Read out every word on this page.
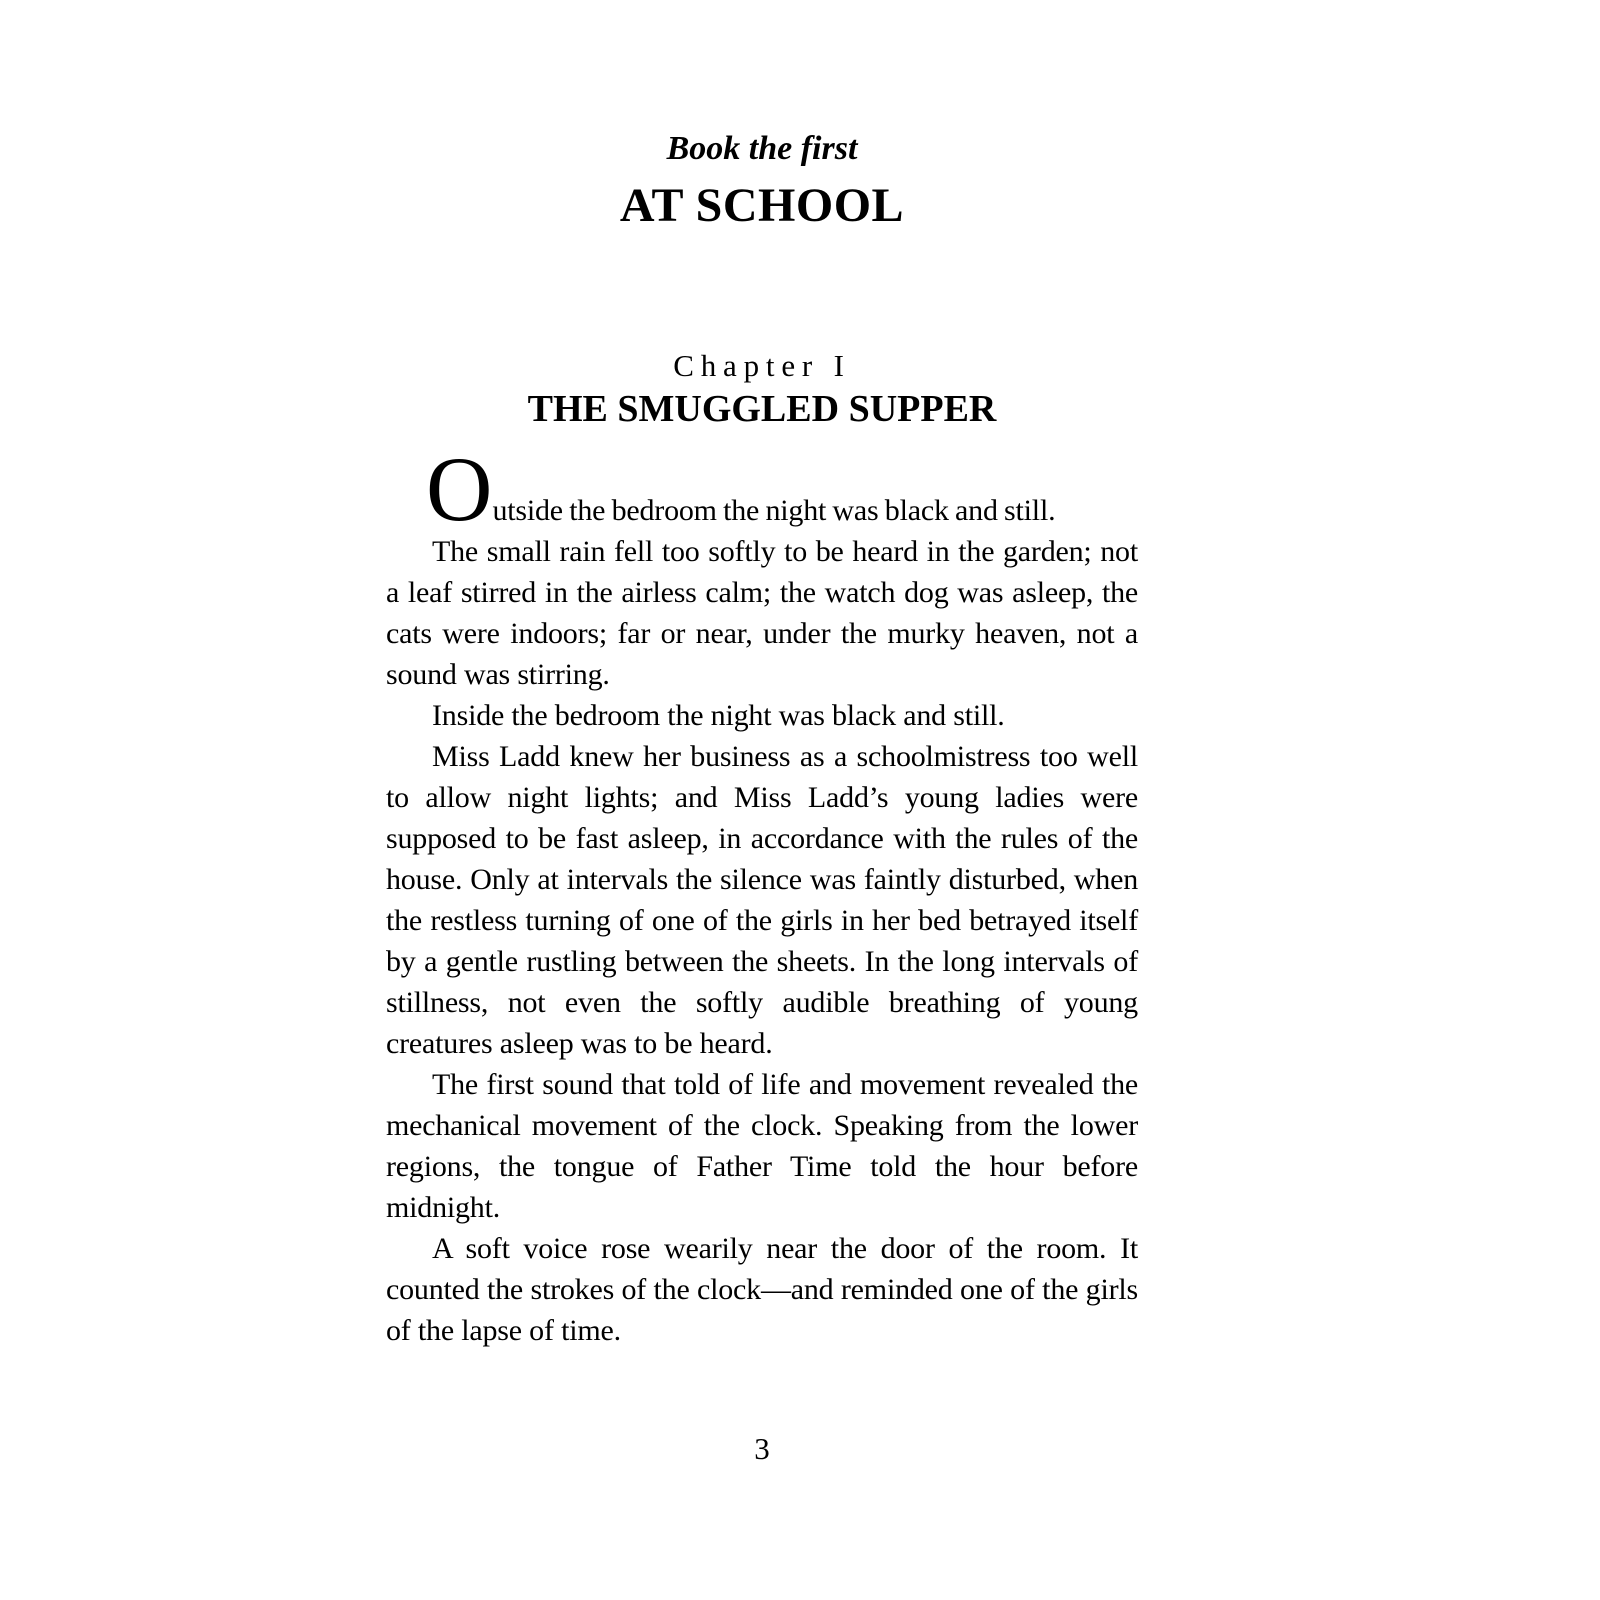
Book the first
AT SCHOOL
Chapter I
THE SMUGGLED SUPPER

Outside the bedroom the night was black and still.

The small rain fell too softly to be heard in the garden; not a leaf stirred in the airless calm; the watch dog was asleep, the cats were indoors; far or near, under the murky heaven, not a sound was stirring.

Inside the bedroom the night was black and still.

Miss Ladd knew her business as a schoolmistress too well to allow night lights; and Miss Ladd’s young ladies were supposed to be fast asleep, in accordance with the rules of the house. Only at intervals the silence was faintly disturbed, when the restless turning of one of the girls in her bed betrayed itself by a gentle rustling between the sheets. In the long intervals of stillness, not even the softly audible breathing of young creatures asleep was to be heard.

The first sound that told of life and movement revealed the mechanical movement of the clock. Speaking from the lower regions, the tongue of Father Time told the hour before midnight.

A soft voice rose wearily near the door of the room. It counted the strokes of the clock—and reminded one of the girls of the lapse of time.

3
